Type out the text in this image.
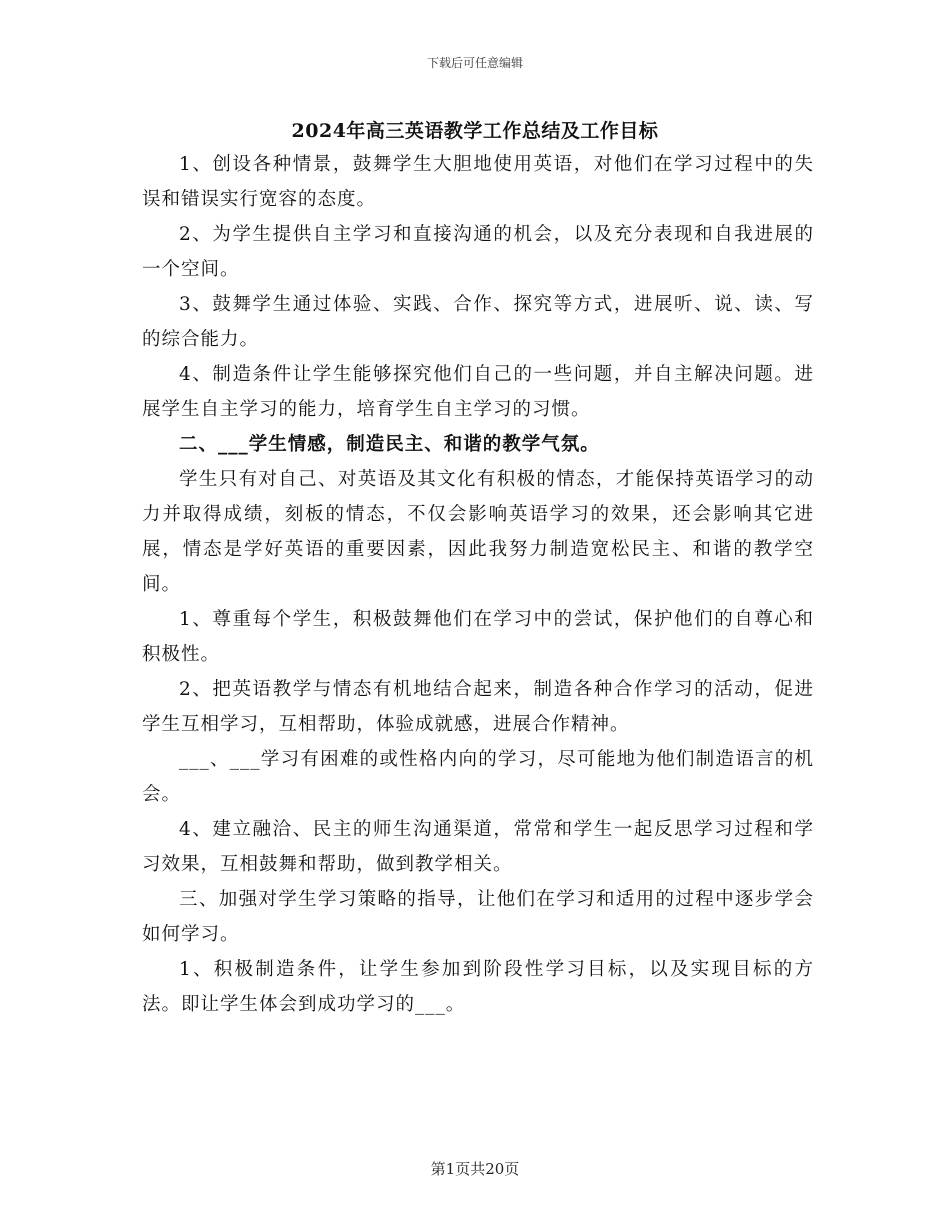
下载后可任意编辑
2024年高三英语教学工作总结及工作目标

1、创设各种情景，鼓舞学生大胆地使用英语，对他们在学习过程中的失误和错误实行宽容的态度。

2、为学生提供自主学习和直接沟通的机会，以及充分表现和自我进展的一个空间。

3、鼓舞学生通过体验、实践、合作、探究等方式，进展听、说、读、写的综合能力。

4、制造条件让学生能够探究他们自己的一些问题，并自主解决问题。进展学生自主学习的能力，培育学生自主学习的习惯。

二、___学生情感，制造民主、和谐的教学气氛。

学生只有对自己、对英语及其文化有积极的情态，才能保持英语学习的动力并取得成绩，刻板的情态，不仅会影响英语学习的效果，还会影响其它进展，情态是学好英语的重要因素，因此我努力制造宽松民主、和谐的教学空间。

1、尊重每个学生，积极鼓舞他们在学习中的尝试，保护他们的自尊心和积极性。

2、把英语教学与情态有机地结合起来，制造各种合作学习的活动，促进学生互相学习，互相帮助，体验成就感，进展合作精神。

___、___学习有困难的或性格内向的学习，尽可能地为他们制造语言的机会。

4、建立融洽、民主的师生沟通渠道，常常和学生一起反思学习过程和学习效果，互相鼓舞和帮助，做到教学相关。

三、加强对学生学习策略的指导，让他们在学习和适用的过程中逐步学会如何学习。

1、积极制造条件，让学生参加到阶段性学习目标，以及实现目标的方法。即让学生体会到成功学习的___。

第1页共20页
